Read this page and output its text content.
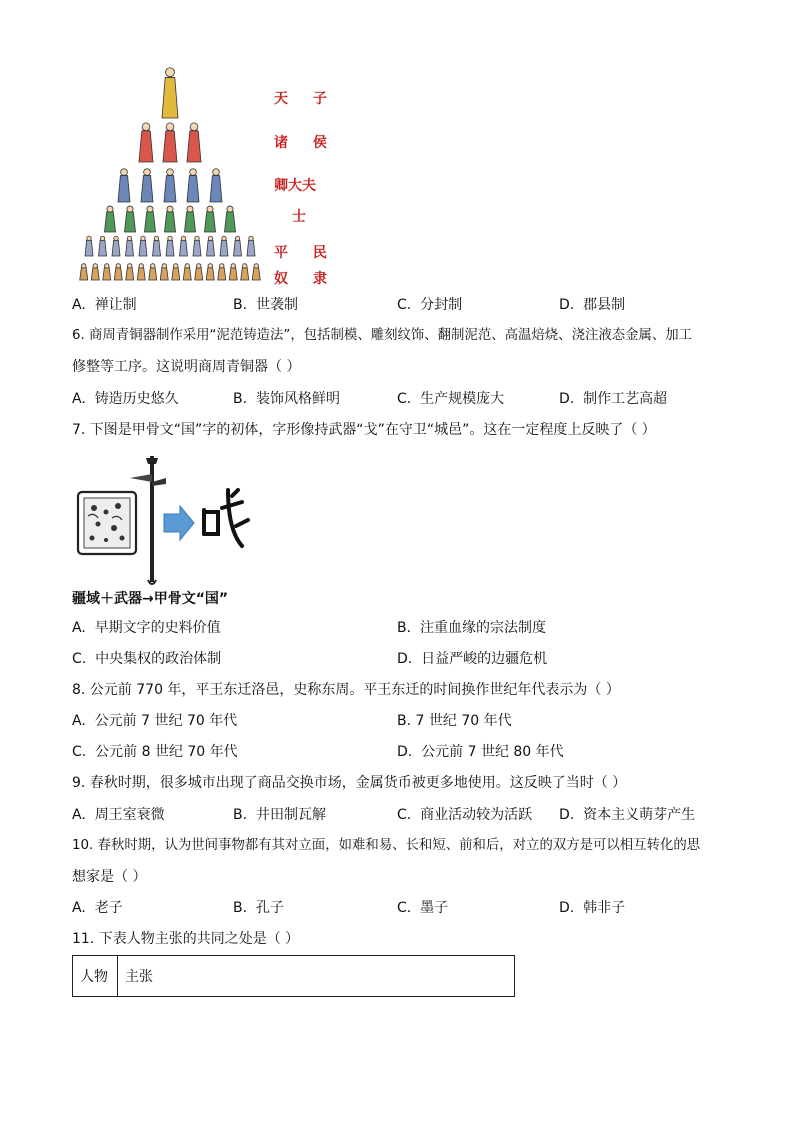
天 子
诸 侯
卿大夫
士
平 民
奴 隶
A. 禅让制	B. 世袭制	C. 分封制	D. 郡县制
6. 商周青铜器制作采用“泥范铸造法”，包括制模、雕刻纹饰、翻制泥范、高温焙烧、浇注液态金属、加工
修整等工序。这说明商周青铜器（ ）
A. 铸造历史悠久	B. 装饰风格鲜明	C. 生产规模庞大	D. 制作工艺高超
7. 下图是甲骨文“国”字的初体，字形像持武器“戈”在守卫“城邑”。这在一定程度上反映了（ ）
疆域＋武器→甲骨文“国”
A. 早期文字的史料价值	B. 注重血缘的宗法制度
C. 中央集权的政治体制	D. 日益严峻的边疆危机
8. 公元前 770 年，平王东迁洛邑，史称东周。平王东迁的时间换作世纪年代表示为（ ）
A. 公元前 7 世纪 70 年代	B. 7 世纪 70 年代
C. 公元前 8 世纪 70 年代	D. 公元前 7 世纪 80 年代
9. 春秋时期，很多城市出现了商品交换市场，金属货币被更多地使用。这反映了当时（ ）
A. 周王室衰微	B. 井田制瓦解	C. 商业活动较为活跃 D. 资本主义萌芽产生
10. 春秋时期，认为世间事物都有其对立面，如难和易、长和短、前和后，对立的双方是可以相互转化的思
想家是（ ）
A. 老子	B. 孔子	C. 墨子	D. 韩非子
11. 下表人物主张的共同之处是（ ）
人物	主张
